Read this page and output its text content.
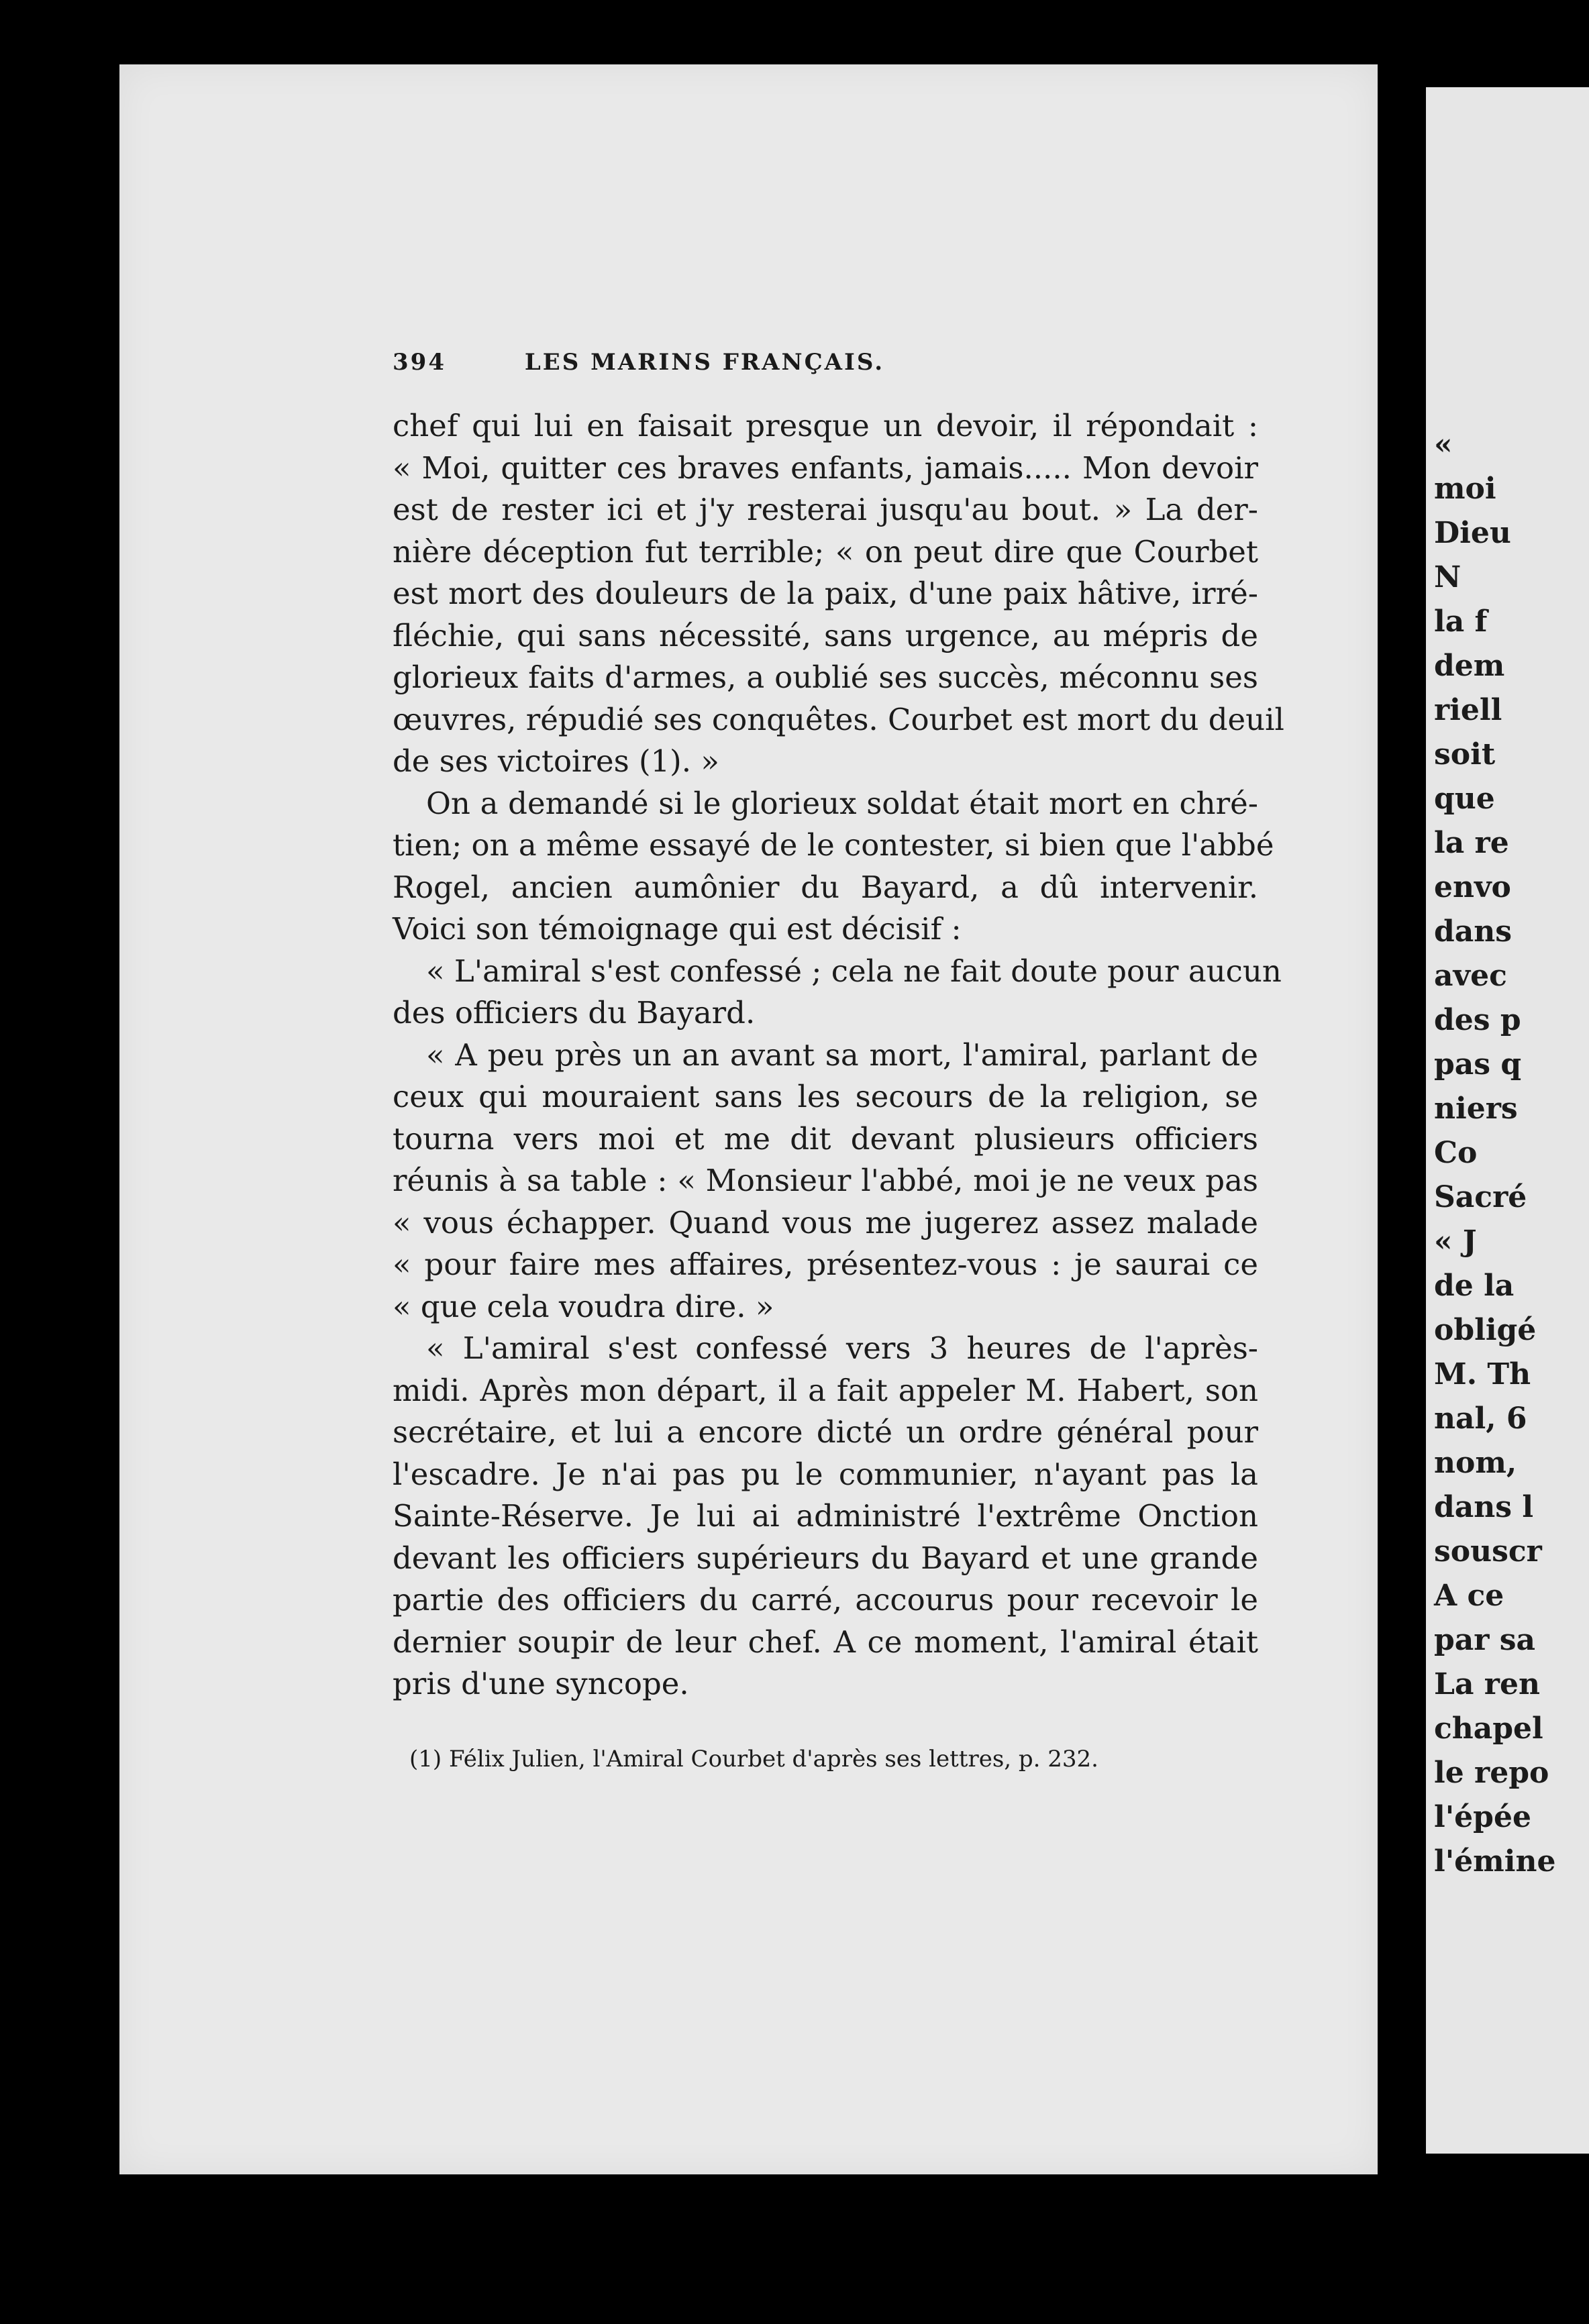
394	LES MARINS FRANÇAIS.
chef qui lui en faisait presque un devoir, il répondait :
« Moi, quitter ces braves enfants, jamais..... Mon devoir
est de rester ici et j'y resterai jusqu'au bout. » La der-
nière déception fut terrible; « on peut dire que Courbet
est mort des douleurs de la paix, d'une paix hâtive, irré-
fléchie, qui sans nécessité, sans urgence, au mépris de
glorieux faits d'armes, a oublié ses succès, méconnu ses
œuvres, répudié ses conquêtes. Courbet est mort du deuil
de ses victoires (1). »
On a demandé si le glorieux soldat était mort en chré-
tien; on a même essayé de le contester, si bien que l'abbé
Rogel, ancien aumônier du Bayard, a dû intervenir.
Voici son témoignage qui est décisif :
« L'amiral s'est confessé ; cela ne fait doute pour aucun
des officiers du Bayard.
« A peu près un an avant sa mort, l'amiral, parlant de
ceux qui mouraient sans les secours de la religion, se
tourna vers moi et me dit devant plusieurs officiers
réunis à sa table : « Monsieur l'abbé, moi je ne veux pas
« vous échapper. Quand vous me jugerez assez malade
« pour faire mes affaires, présentez-vous : je saurai ce
« que cela voudra dire. »
« L'amiral s'est confessé vers 3 heures de l'après-
midi. Après mon départ, il a fait appeler M. Habert, son
secrétaire, et lui a encore dicté un ordre général pour
l'escadre. Je n'ai pas pu le communier, n'ayant pas la
Sainte-Réserve. Je lui ai administré l'extrême Onction
devant les officiers supérieurs du Bayard et une grande
partie des officiers du carré, accourus pour recevoir le
dernier soupir de leur chef. A ce moment, l'amiral était
pris d'une syncope.
(1) Félix Julien, l'Amiral Courbet d'après ses lettres, p. 232.
«
moi
Dieu
N
la f
dem
riell
soit
que
la re
envo
dans
avec
des p
pas q
niers
Co
Sacré
« J
de la
obligé
M. Th
nal, 6
nom,
dans l
souscr
A ce
par sa
La ren
chapel
le repo
l'épée
l'émine
